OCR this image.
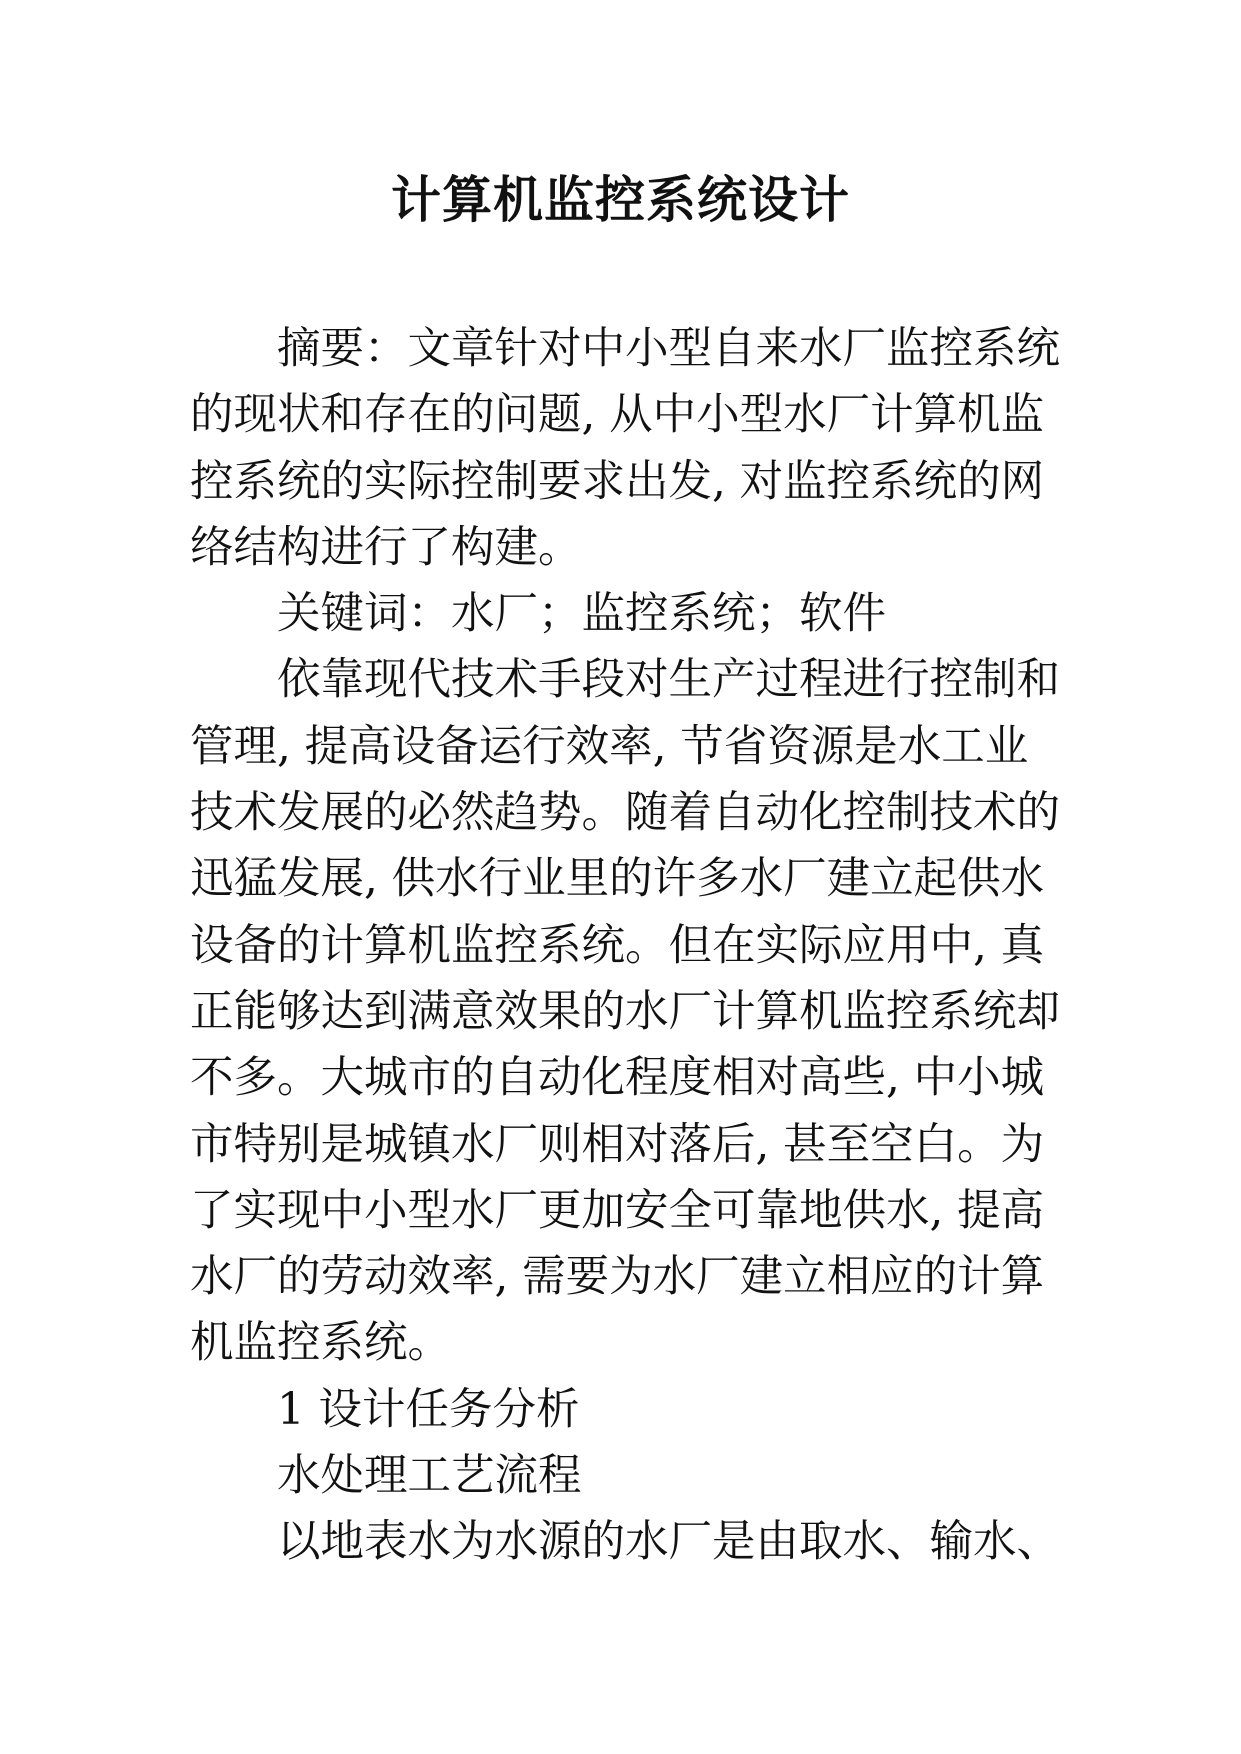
计算机监控系统设计

摘要：文章针对中小型自来水厂监控系统的现状和存在的问题, 从中小型水厂计算机监控系统的实际控制要求出发, 对监控系统的网络结构进行了构建。

关键词：水厂；监控系统；软件

依靠现代技术手段对生产过程进行控制和管理, 提高设备运行效率, 节省资源是水工业技术发展的必然趋势。随着自动化控制技术的迅猛发展, 供水行业里的许多水厂建立起供水设备的计算机监控系统。但在实际应用中, 真正能够达到满意效果的水厂计算机监控系统却不多。大城市的自动化程度相对高些, 中小城市特别是城镇水厂则相对落后, 甚至空白。为了实现中小型水厂更加安全可靠地供水, 提高水厂的劳动效率, 需要为水厂建立相应的计算机监控系统。

1 设计任务分析

水处理工艺流程

以地表水为水源的水厂是由取水、输水、
